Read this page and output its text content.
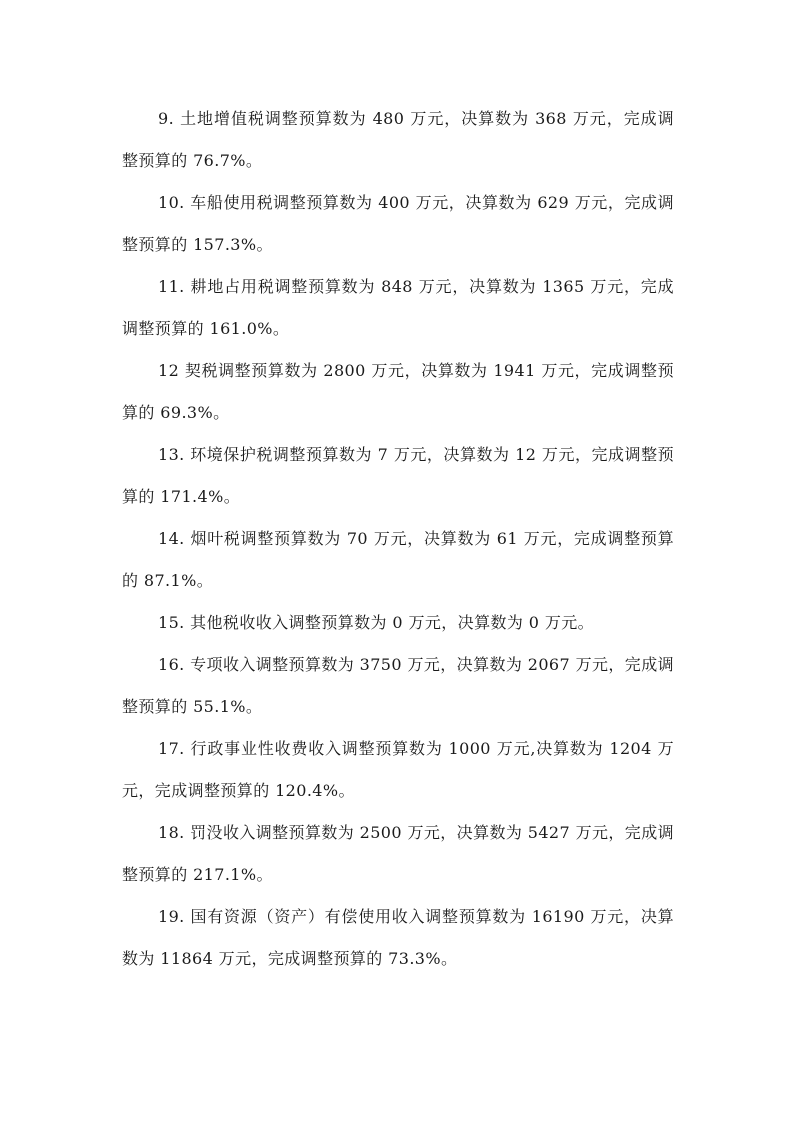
9. 土地增值税调整预算数为 480 万元，决算数为 368 万元，完成调整预算的 76.7%。

10. 车船使用税调整预算数为 400 万元，决算数为 629 万元，完成调整预算的 157.3%。

11. 耕地占用税调整预算数为 848 万元，决算数为 1365 万元，完成调整预算的 161.0%。

12 契税调整预算数为 2800 万元，决算数为 1941 万元，完成调整预算的 69.3%。

13. 环境保护税调整预算数为 7 万元，决算数为 12 万元，完成调整预算的 171.4%。

14. 烟叶税调整预算数为 70 万元，决算数为 61 万元，完成调整预算的 87.1%。

15. 其他税收收入调整预算数为 0 万元，决算数为 0 万元。

16. 专项收入调整预算数为 3750 万元，决算数为 2067 万元，完成调整预算的 55.1%。

17. 行政事业性收费收入调整预算数为 1000 万元,决算数为 1204 万元，完成调整预算的 120.4%。

18. 罚没收入调整预算数为 2500 万元，决算数为 5427 万元，完成调整预算的 217.1%。

19. 国有资源（资产）有偿使用收入调整预算数为 16190 万元，决算数为 11864 万元，完成调整预算的 73.3%。
